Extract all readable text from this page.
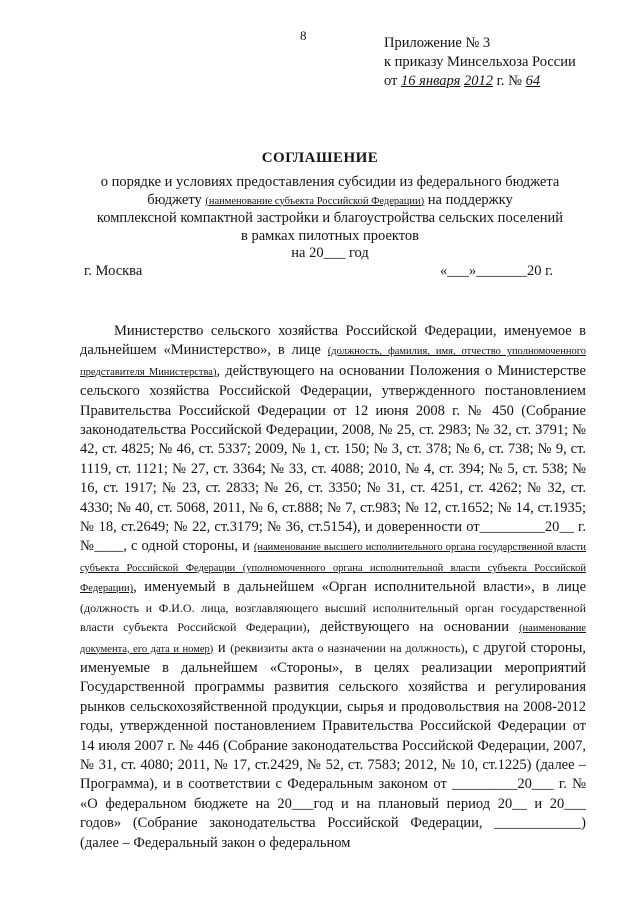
8	Приложение № 3
к приказу Минсельхоза России
от 16 января 2012 г. № 64
СОГЛАШЕНИЕ
о порядке и условиях предоставления субсидии из федерального бюджета
бюджету (наименование субъекта Российской Федерации) на поддержку
комплексной компактной застройки и благоустройства сельских поселений
в рамках пилотных проектов
на 20___ год
г. Москва	«___»_______20 г.

Министерство сельского хозяйства Российской Федерации, именуемое в дальнейшем «Министерство», в лице (должность, фамилия, имя, отчество уполномоченного представителя Министерства), действующего на основании Положения о Министерстве сельского хозяйства Российской Федерации, утвержденного постановлением Правительства Российской Федерации от 12 июня 2008 г. № 450 (Собрание законодательства Российской Федерации, 2008, № 25, ст. 2983; № 32, ст. 3791; № 42, ст. 4825; № 46, ст. 5337; 2009, № 1, ст. 150; № 3, ст. 378; № 6, ст. 738; № 9, ст. 1119, ст. 1121; № 27, ст. 3364; № 33, ст. 4088; 2010, № 4, ст. 394; № 5, ст. 538; № 16, ст. 1917; № 23, ст. 2833; № 26, ст. 3350; № 31, ст. 4251, ст. 4262; № 32, ст. 4330; № 40, ст. 5068, 2011, № 6, ст.888; № 7, ст.983; № 12, ст.1652; № 14, ст.1935; № 18, ст.2649; № 22, ст.3179; № 36, ст.5154), и доверенности от_________20__ г. №____, с одной стороны, и (наименование высшего исполнительного органа государственной власти субъекта Российской Федерации (уполномоченного органа исполнительной власти субъекта Российской Федерации), именуемый в дальнейшем «Орган исполнительной власти», в лице (должность и Ф.И.О. лица, возглавляющего высший исполнительный орган государственной власти субъекта Российской Федерации), действующего на основании (наименование документа, его дата и номер) и (реквизиты акта о назначении на должность), с другой стороны, именуемые в дальнейшем «Стороны», в целях реализации мероприятий Государственной программы развития сельского хозяйства и регулирования рынков сельскохозяйственной продукции, сырья и продовольствия на 2008-2012 годы, утвержденной постановлением Правительства Российской Федерации от 14 июля 2007 г. № 446 (Собрание законодательства Российской Федерации, 2007, № 31, ст. 4080; 2011, № 17, ст.2429, № 52, ст. 7583; 2012, № 10, ст.1225) (далее – Программа), и в соответствии с Федеральным законом от _________20___ г. № «О федеральном бюджете на 20___год и на плановый период 20__ и 20___ годов» (Собрание законодательства Российской Федерации, ____________) (далее – Федеральный закон о федеральном
